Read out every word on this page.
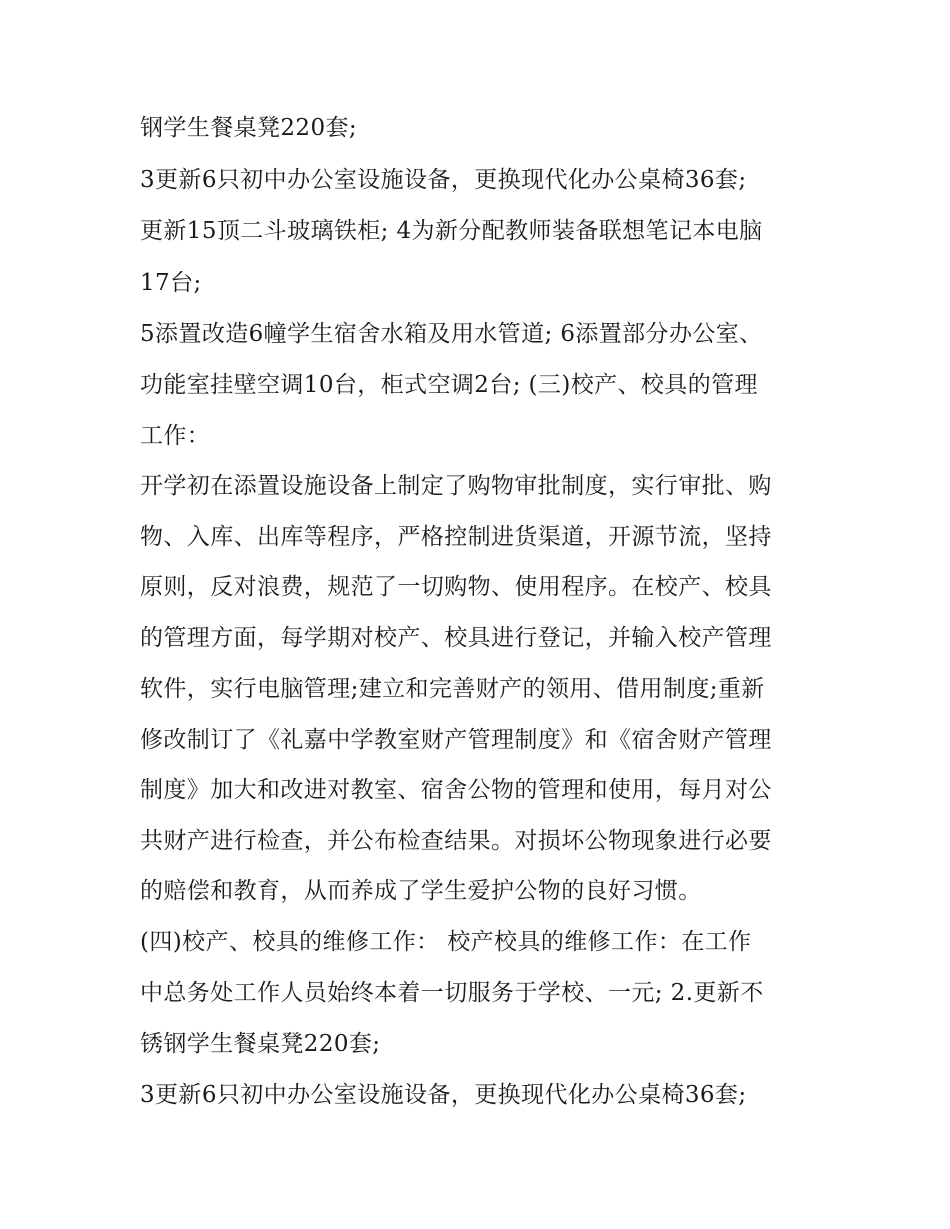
钢学生餐桌凳220套;
3更新6只初中办公室设施设备，更换现代化办公桌椅36套;
更新15顶二斗玻璃铁柜; 4为新分配教师装备联想笔记本电脑
17台;
5添置改造6幢学生宿舍水箱及用水管道; 6添置部分办公室、
功能室挂壁空调10台，柜式空调2台; (三)校产、校具的管理
工作：
开学初在添置设施设备上制定了购物审批制度，实行审批、购
物、入库、出库等程序，严格控制进货渠道，开源节流，坚持
原则，反对浪费，规范了一切购物、使用程序。在校产、校具
的管理方面，每学期对校产、校具进行登记，并输入校产管理
软件，实行电脑管理;建立和完善财产的领用、借用制度;重新
修改制订了《礼嘉中学教室财产管理制度》和《宿舍财产管理
制度》加大和改进对教室、宿舍公物的管理和使用，每月对公
共财产进行检查，并公布检查结果。对损坏公物现象进行必要
的赔偿和教育，从而养成了学生爱护公物的良好习惯。
(四)校产、校具的维修工作： 校产校具的维修工作：在工作
中总务处工作人员始终本着一切服务于学校、一元; 2.更新不
锈钢学生餐桌凳220套;
3更新6只初中办公室设施设备，更换现代化办公桌椅36套;
